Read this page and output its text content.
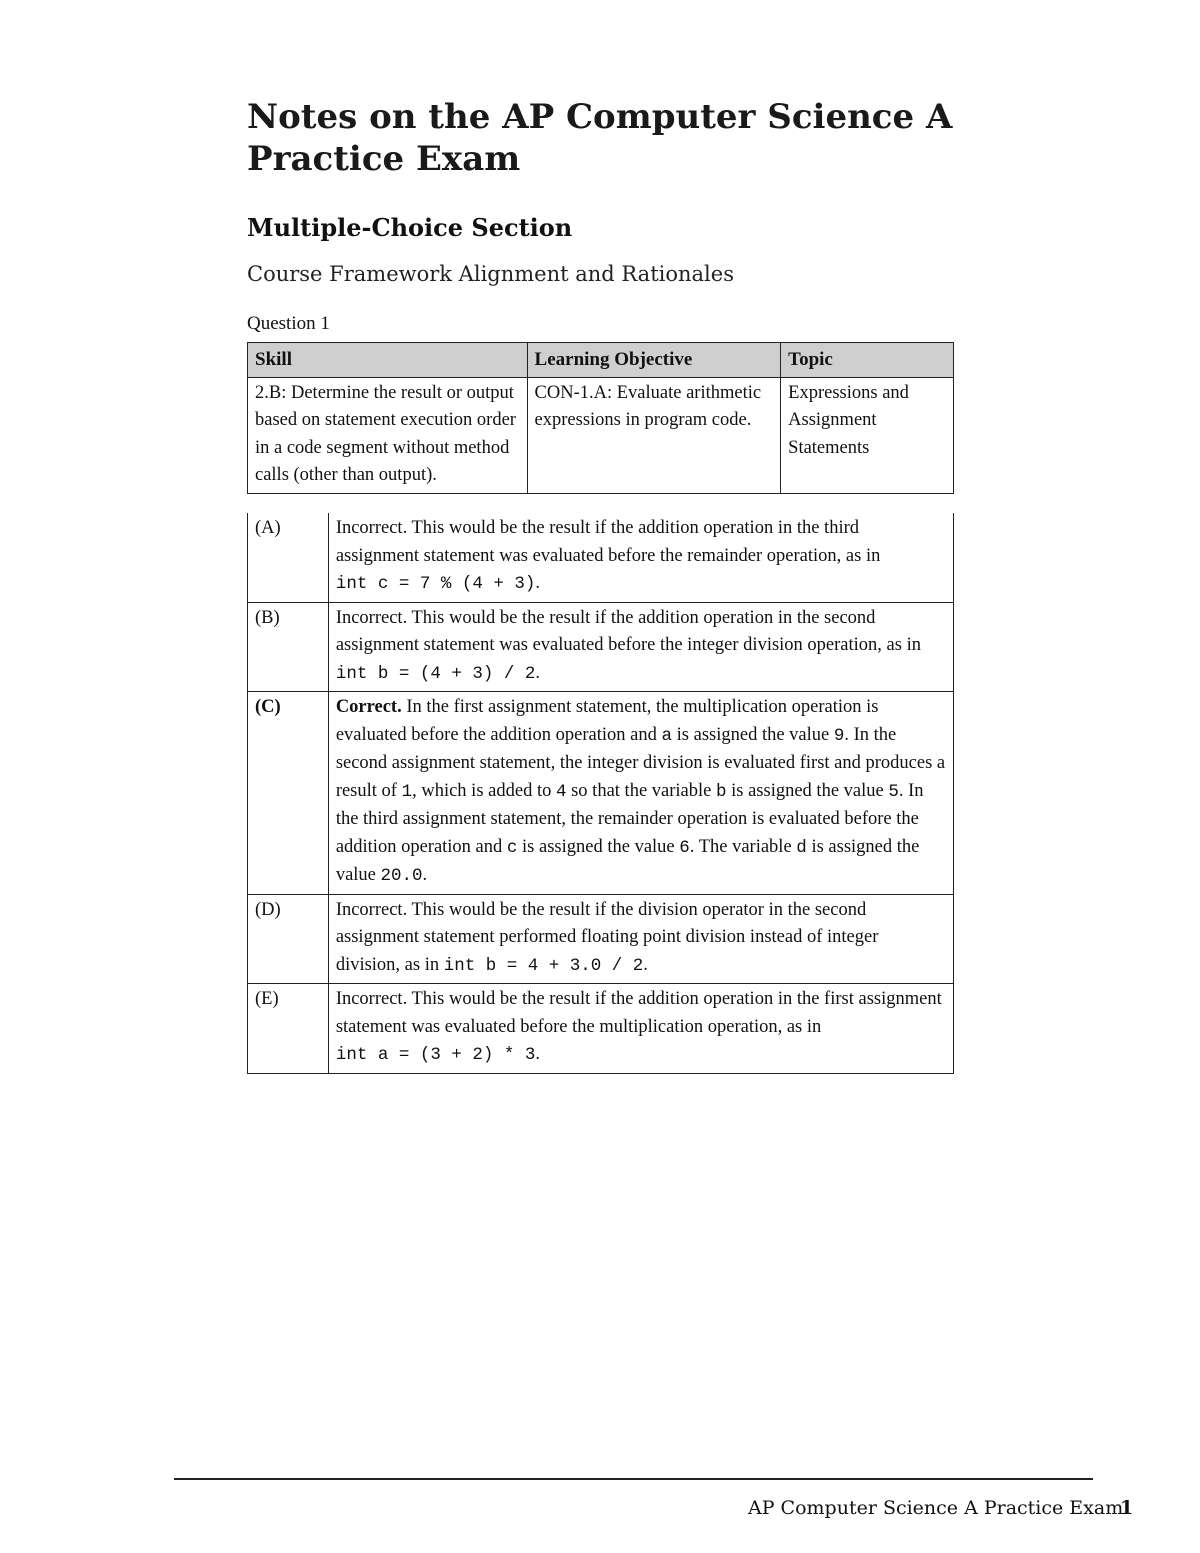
Notes on the AP Computer Science A Practice Exam
Multiple-Choice Section

Course Framework Alignment and Rationales

Question 1

Skill	Learning Objective	Topic
2.B: Determine the result or output based on statement execution order in a code segment without method calls (other than output).	CON-1.A: Evaluate arithmetic expressions in program code.	Expressions and Assignment Statements
(A)	Incorrect. This would be the result if the addition operation in the third assignment statement was evaluated before the remainder operation, as in int c = 7 % (4 + 3).
(B)	Incorrect. This would be the result if the addition operation in the second assignment statement was evaluated before the integer division operation, as in int b = (4 + 3) / 2.
(C)	Correct. In the first assignment statement, the multiplication operation is evaluated before the addition operation and a is assigned the value 9. In the second assignment statement, the integer division is evaluated first and produces a result of 1, which is added to 4 so that the variable b is assigned the value 5. In the third assignment statement, the remainder operation is evaluated before the addition operation and c is assigned the value 6. The variable d is assigned the value 20.0.
(D)	Incorrect. This would be the result if the division operator in the second assignment statement performed floating point division instead of integer division, as in int b = 4 + 3.0 / 2.
(E)	Incorrect. This would be the result if the addition operation in the first assignment statement was evaluated before the multiplication operation, as in int a = (3 + 2) * 3.

AP Computer Science A Practice Exam

1
